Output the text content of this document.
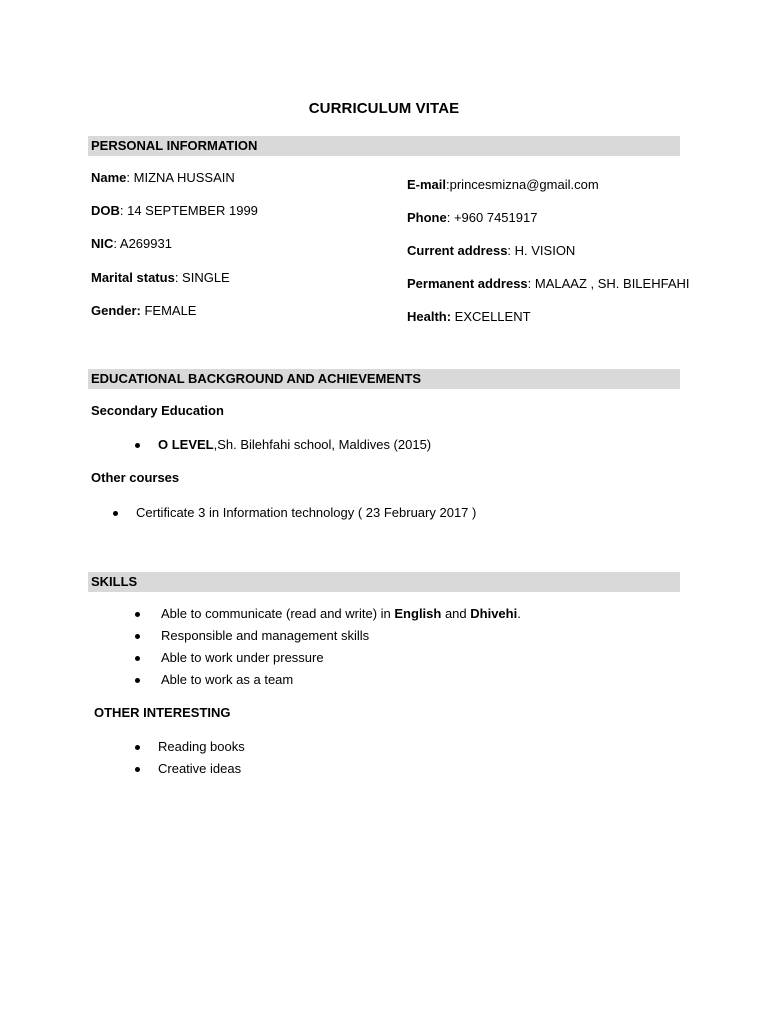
CURRICULUM VITAE
PERSONAL INFORMATION
Name: MIZNA HUSSAIN
DOB: 14 SEPTEMBER 1999
NIC: A269931
Marital status: SINGLE
Gender: FEMALE
E-mail:princesmizna@gmail.com
Phone: +960 7451917
Current address: H. VISION
Permanent address: MALAAZ , SH. BILEHFAHI
Health: EXCELLENT
EDUCATIONAL BACKGROUND AND ACHIEVEMENTS
Secondary Education
O LEVEL,Sh. Bilehfahi school, Maldives (2015)
Other courses
Certificate 3 in Information technology ( 23 February 2017 )
SKILLS
Able to communicate (read and write) in English and Dhivehi.
Responsible and management skills
Able to work under pressure
Able to work as a team
OTHER INTERESTING
Reading books
Creative ideas
